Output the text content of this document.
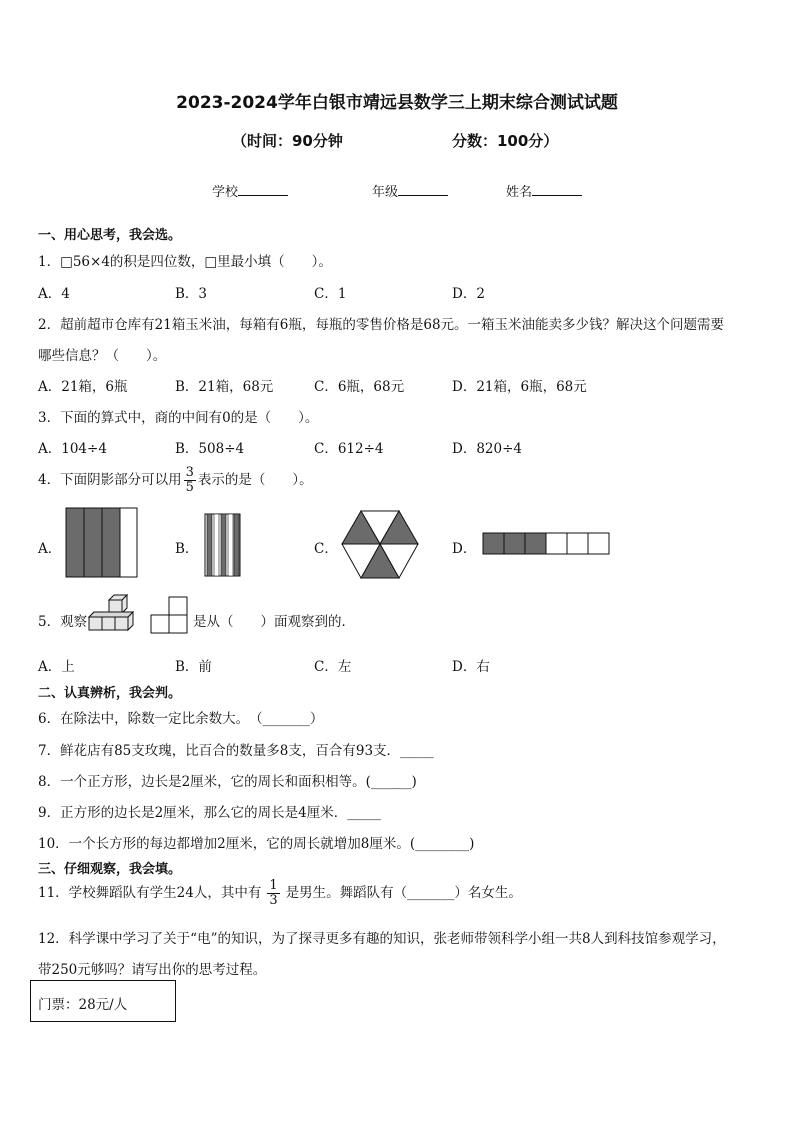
2023-2024学年白银市靖远县数学三上期末综合测试试题
（时间：90分钟	分数：100分）
学校	年级	姓名
一、用心思考，我会选。
1．□56×4的积是四位数，□里最小填（　　）。
A．4	B．3	C．1	D．2
2．超前超市仓库有21箱玉米油，每箱有6瓶，每瓶的零售价格是68元。一箱玉米油能卖多少钱？解决这个问题需要
哪些信息？（　　）。
A．21箱，6瓶	B．21箱，68元	C．6瓶，68元	D．21箱，6瓶，68元
3．下面的算式中，商的中间有0的是（　　）。
A．104÷4	B．508÷4	C．612÷4	D．820÷4
4．下面阴影部分可以用 $\frac{3}{5}$ 表示的是（　　）。
A．	B．	C．	D．
5．观察	是从（　　）面观察到的．
A．上	B．前	C．左	D．右
二、认真辨析，我会判。
6．在除法中，除数一定比余数大。　（_______）
7．鲜花店有85支玫瑰，比百合的数量多8支，百合有93支．_____
8．一个正方形，边长是2厘米，它的周长和面积相等。(______)
9．正方形的边长是2厘米，那么它的周长是4厘米．_____
10．一个长方形的每边都增加2厘米，它的周长就增加8厘米。(________)
三、仔细观察，我会填。
11．学校舞蹈队有学生24人，其中有 $\frac{1}{3}$ 是男生。舞蹈队有（_______）名女生。
12．科学课中学习了关于“电”的知识，为了探寻更多有趣的知识，张老师带领科学小组一共8人到科技馆参观学习，
带250元够吗？请写出你的思考过程。
门票：28元/人
